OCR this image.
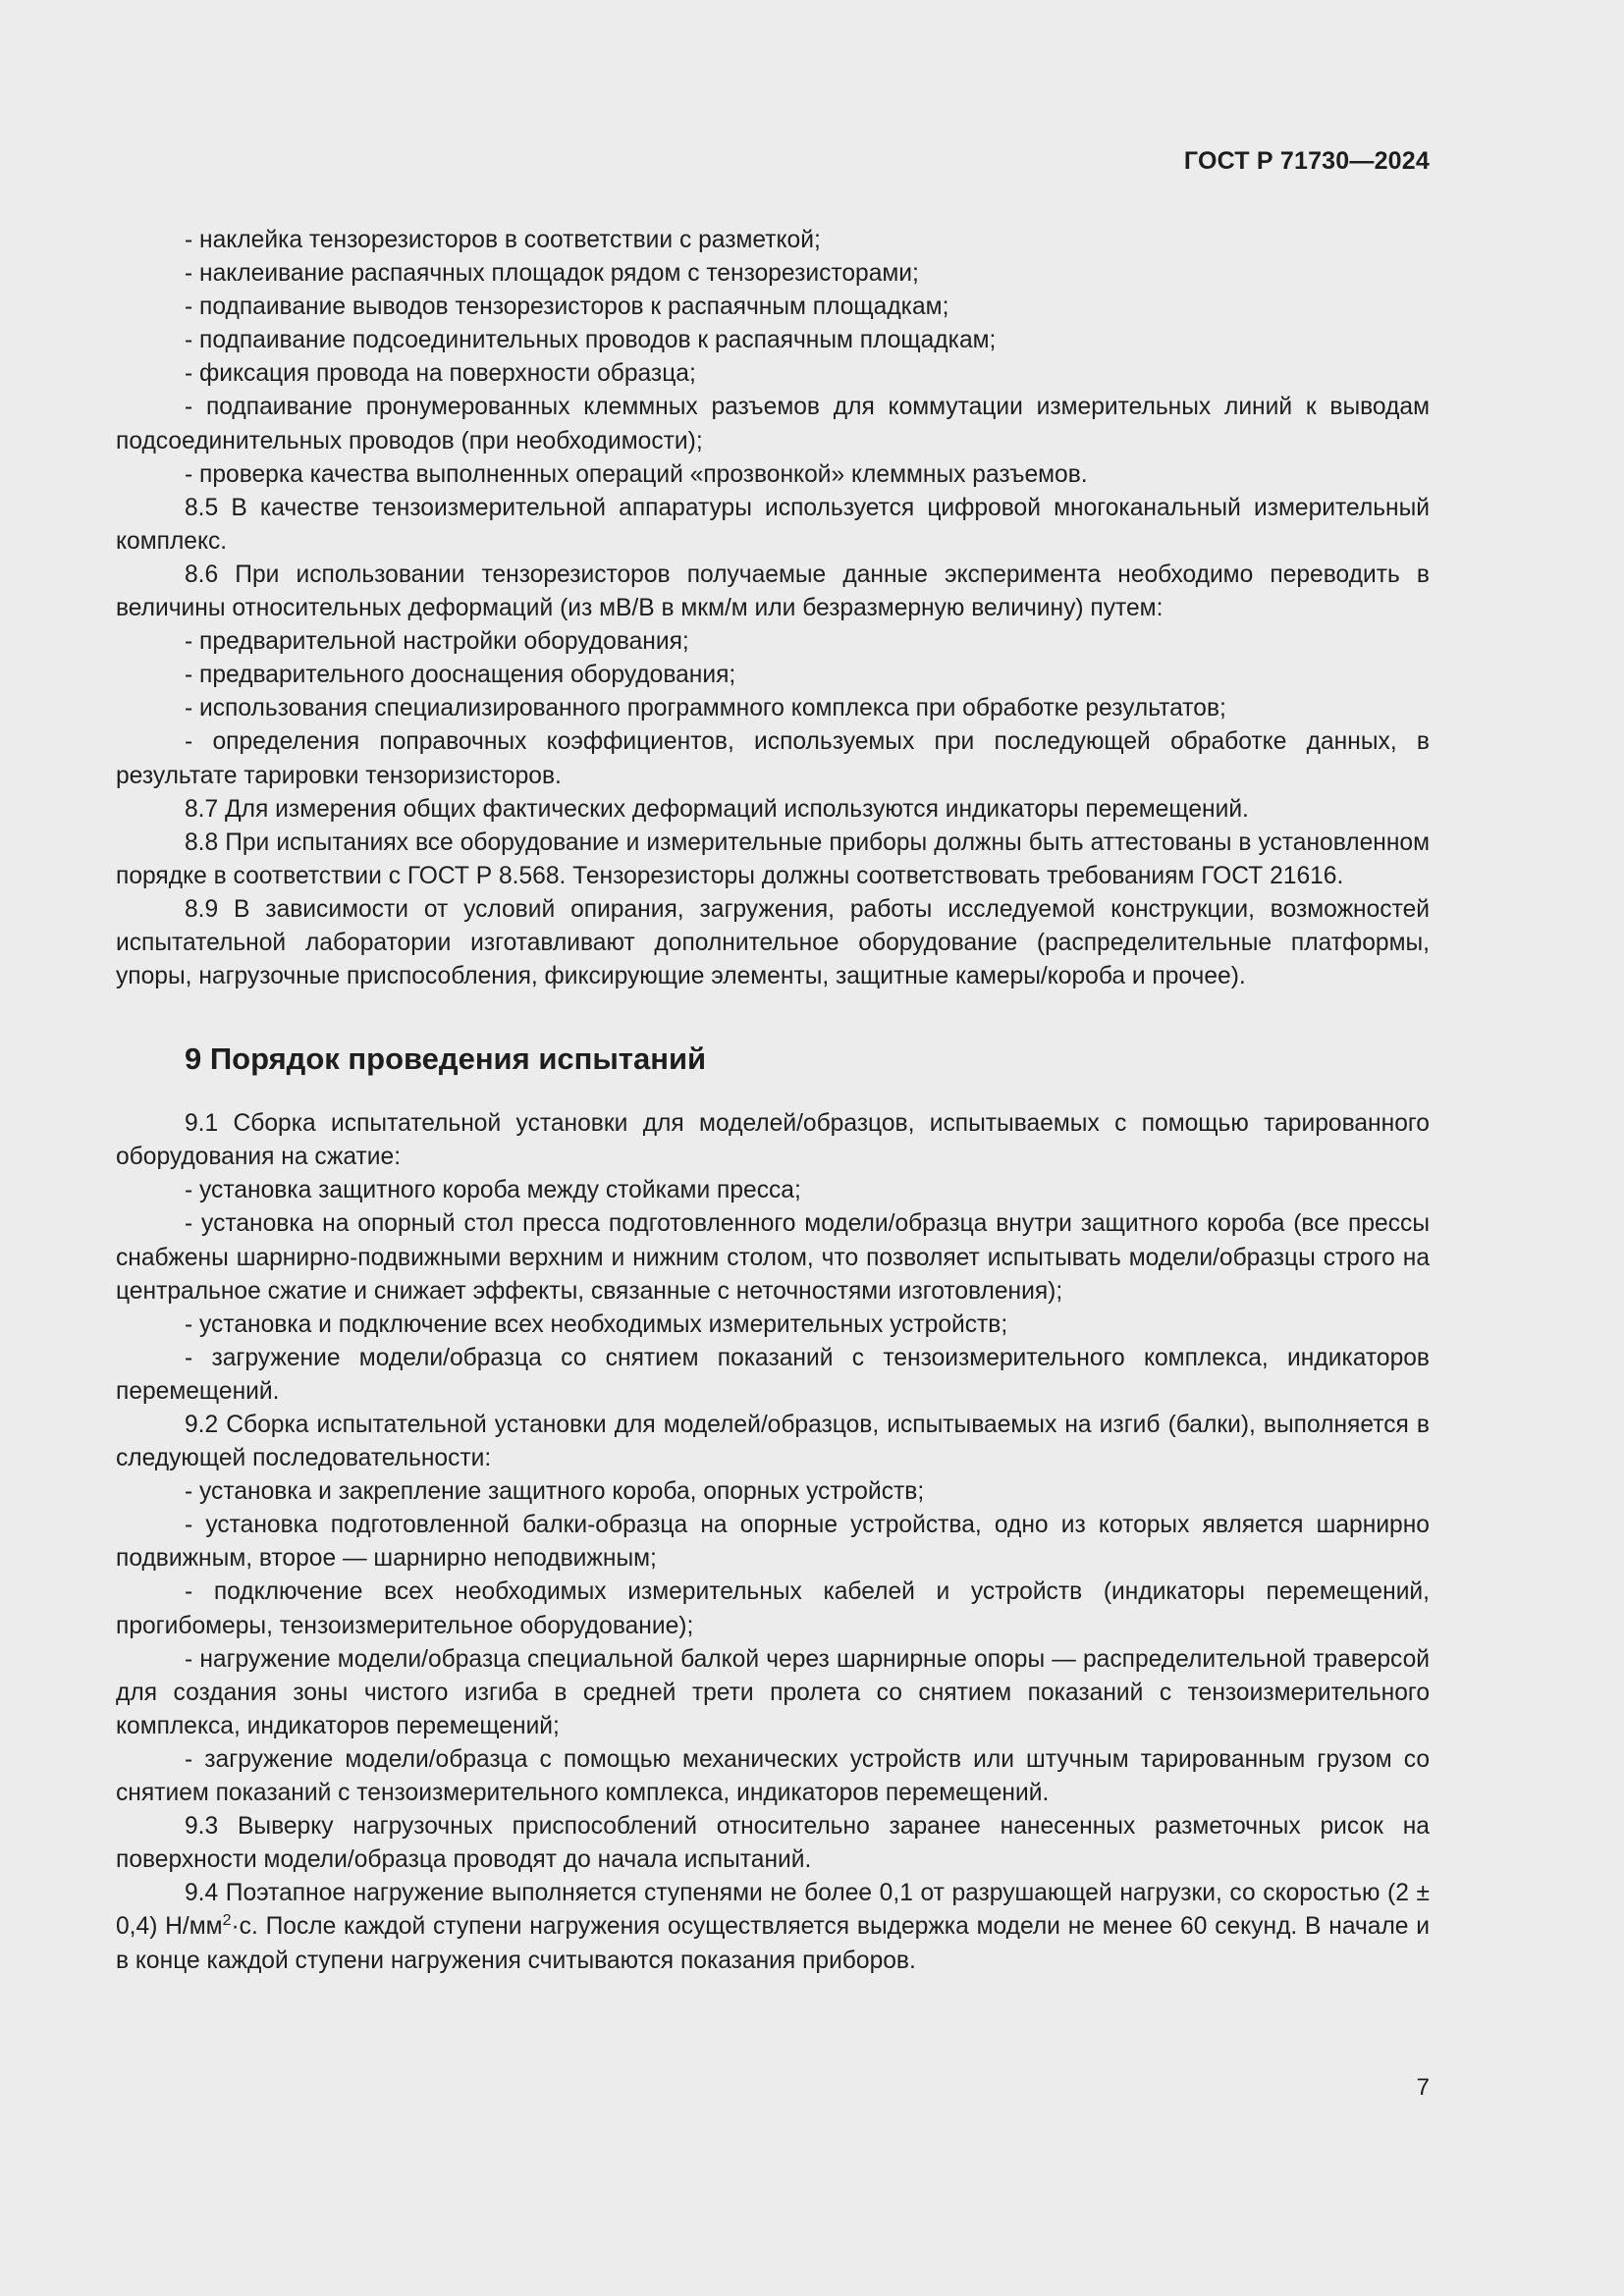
ГОСТ Р 71730—2024

- наклейка тензорезисторов в соответствии с разметкой;

- наклеивание распаячных площадок рядом с тензорезисторами;

- подпаивание выводов тензорезисторов к распаячным площадкам;

- подпаивание подсоединительных проводов к распаячным площадкам;

- фиксация провода на поверхности образца;

- подпаивание пронумерованных клеммных разъемов для коммутации измерительных линий к выводам подсоединительных проводов (при необходимости);

- проверка качества выполненных операций «прозвонкой» клеммных разъемов.

8.5 В качестве тензоизмерительной аппаратуры используется цифровой многоканальный измерительный комплекс.

8.6 При использовании тензорезисторов получаемые данные эксперимента необходимо переводить в величины относительных деформаций (из мВ/В в мкм/м или безразмерную величину) путем:

- предварительной настройки оборудования;

- предварительного дооснащения оборудования;

- использования специализированного программного комплекса при обработке результатов;

- определения поправочных коэффициентов, используемых при последующей обработке данных, в результате тарировки тензоризисторов.

8.7 Для измерения общих фактических деформаций используются индикаторы перемещений.

8.8 При испытаниях все оборудование и измерительные приборы должны быть аттестованы в установленном порядке в соответствии с ГОСТ Р 8.568. Тензорезисторы должны соответствовать требованиям ГОСТ 21616.

8.9 В зависимости от условий опирания, загружения, работы исследуемой конструкции, возможностей испытательной лаборатории изготавливают дополнительное оборудование (распределительные платформы, упоры, нагрузочные приспособления, фиксирующие элементы, защитные камеры/короба и прочее).

9 Порядок проведения испытаний

9.1 Сборка испытательной установки для моделей/образцов, испытываемых с помощью тарированного оборудования на сжатие:

- установка защитного короба между стойками пресса;

- установка на опорный стол пресса подготовленного модели/образца внутри защитного короба (все прессы снабжены шарнирно-подвижными верхним и нижним столом, что позволяет испытывать модели/образцы строго на центральное сжатие и снижает эффекты, связанные с неточностями изготовления);

- установка и подключение всех необходимых измерительных устройств;

- загружение модели/образца со снятием показаний с тензоизмерительного комплекса, индикаторов перемещений.

9.2 Сборка испытательной установки для моделей/образцов, испытываемых на изгиб (балки), выполняется в следующей последовательности:

- установка и закрепление защитного короба, опорных устройств;

- установка подготовленной балки-образца на опорные устройства, одно из которых является шарнирно подвижным, второе — шарнирно неподвижным;

- подключение всех необходимых измерительных кабелей и устройств (индикаторы перемещений, прогибомеры, тензоизмерительное оборудование);

- нагружение модели/образца специальной балкой через шарнирные опоры — распределительной траверсой для создания зоны чистого изгиба в средней трети пролета со снятием показаний с тензоизмерительного комплекса, индикаторов перемещений;

- загружение модели/образца с помощью механических устройств или штучным тарированным грузом со снятием показаний с тензоизмерительного комплекса, индикаторов перемещений.

9.3 Выверку нагрузочных приспособлений относительно заранее нанесенных разметочных рисок на поверхности модели/образца проводят до начала испытаний.

9.4 Поэтапное нагружение выполняется ступенями не более 0,1 от разрушающей нагрузки, со скоростью (2 ± 0,4) $Н/мм^2\cdot с$. После каждой ступени нагружения осуществляется выдержка модели не менее 60 секунд. В начале и в конце каждой ступени нагружения считываются показания приборов.

7
